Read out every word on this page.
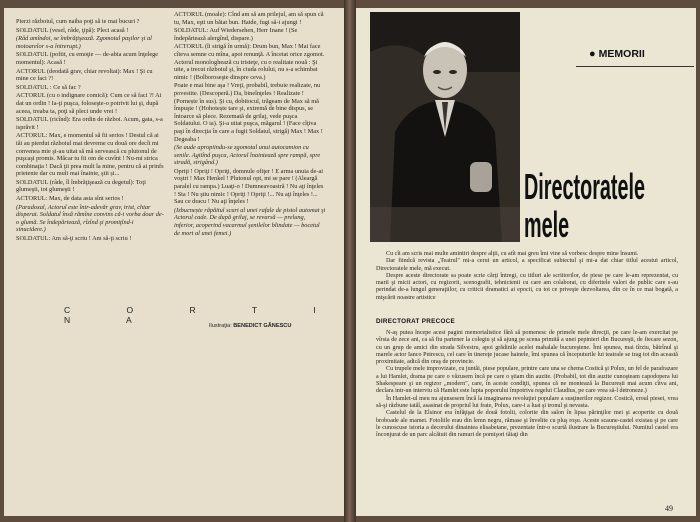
Pierzi războiul, cum naiba poţi să te mai bucuri ?

SOLDATUL (vesel, râde, ţipă): Pleci acasă !

(Râd amîndoi, se îmbrăţişează. Zgomotul paşilor şi al motoarelor s-a întrerupt.)

SOLDATUL (poftit, cu emoţie — de-abia acum înţelege momentul): Acasă !

ACTORUL (deodată grav, chiar revoltat): Max ! Şi cu mine ce faci ?!

SOLDATUL : Ce să fac ?

ACTORUL (cu o indignare comică): Cum ce să faci ?! Ai dat un ordin ! Ia-ţi puşca, foloseşte-o potrivit lui şi, după aceea, treaba ta, poţi să pleci unde vrei !

SOLDATUL (ricînd): Era ordin de război. Acum, gata, s-a isprăvit !

ACTORUL: Max, e momentul să fii serios ! Destul că ai tăi au pierdut războiul mai devreme cu două ore decît mi convenea mie şi-au uitat să mă servească cu plutonul de puşcaşi promis. Măcar tu fii om de cuvînt ! Nu-mi strica combinaţia ! Dacă ţii prea mult la mine, pentru că ai prinfs prietenie dar cu mult mai înainte, ştii și...

SOLDATUL (râde, îl îmbrăţişează cu degetul): Toţi glumeşti, tot glumeşti !

ACTORUL: Max, de data asta sînt serios !

(Paradoxal, Actorul este într-adevăr grav, trist, chiar disperat. Soldatul însă rămîne convins că-i vorba doar de-o glumă. Se îndepărtează, rîzînd şi promiţînd-i sinucidere.)

SOLDATUL: Am să-ţi scriu ! Am să-ţi scriu !

ACTORUL (moale): Cînd am să am prilejul, am să spun că tu, Max, eşti un băiat bun. Haide, fugi să-i ajungi !

SOLDATUL: Auf Wiedersehen, Herr Inane ! (Se îndepărtează alergînd, dispare.)

ACTORUL (îi strigă în urmă): Drum bun, Max ! Mai face cîteva semne cu mîna, apoi renunţă. A încetat orice zgomot. Actorul monologhează cu tristeţe, cu o realitate nouă : Şi uite, a trecut războiul şi, în ciuda rolului, nu s-a schimbat nimic ! (Bolboroseşte dinspre ceva.)

Poate e mai bine aşa ! Vreţi, probabil, trebuie realizate, nu povestite. (Descoperă.) Da, bineînţeles ! Realizate ! (Pornește în sus). Şi cu, dobitocul, trăgeam de Max să mă împuşte ! (Hohotește tare şi, extremă de bine dispus, se întoarce să plece. Rezemată de grilaj, vede puşca Soldatului. O ia). Şi-a uitat puşca, măgarul ! (Face cîţiva paşi în direcţia în care a fugit Soldatul, strigă) Max ! Max ! Degeaba !

(Se aude apropiindu-se zgomotul unui autocamion cu senile. Agitînd puşca, Actorul înaintează spre rampă, spre stradă, strigând.)

Opriţi ! Opriţi ! Opriţi, domnule ofiţer ! E arma unuia de-ai voştri ! Max Henkel ! Plutonul opt, mi se pare ! (Aleargă paralel cu rampa.) Luaţi-o ! Dumneavoastră ! Nu aţi înţeles ! Sta ! Nu ştiu nimic ! Opriţi ! Opriţi !... Nu aţi înţeles !... Sau ce dracu ! Nu aţi înţeles !

(Izbucnește răpăitul scurt al unei rafale de pistol automat şi Actorul cade. De după grilaj, se revarsă — prelung, inferior, acoperind vacarmul şenilelor blindate — bocetul de mort al unei femei.)

C O R T I N A
Ilustraţia: BENEDICT GĂNESCU
● MEMORII
Directoratele mele

Cu cît am scris mai multe amintiri despre alţii, cu atît mai greu îmi vine să vorbesc despre mine însumi.

Dar fiindcă revista „Teatrul" mi-a cerut un articol, a specificat subiectul şi mi-a dat chiar titlul acestui articol, Directoratele mele, mă execut.

Despre aceste directorate sa poate scrie cărţi întregi, cu titluri ale scriitorilor, de piese pe care le-am reprezentat, cu marii şi micii actori, cu regizorii, scenografii, tehnicienii cu care am colaborat, cu diferitele valori de public care s-au perindat de-a lungul generaţiilor, cu criticii dramatici ai epocii, cu tot ce priveşte dezvoltarea, din ce în ce mai bogată, a mişcării noastre artistice

DIRECTORAT PRECOCE

N-aş putea începe acest pagini memorialistice fără să pomenesc de primele mele direcţii, pe care le-am exercitat pe vîrsta de zece ani, ca să fiu partener la colegiu şi să ajung pe scena primită a unei pepinieri din Bucureşti, de fiecare sezon, cu un grup de amici din strada Silvestru, apoi grădinile acelei mahalale bucureştene. Îmi spunea, mai tîrziu, bătrînul şi marele actor Ianco Petrescu, cel care în tinereţe jucase hainele, îmi spunea că începuturile lui teatrale se trag tot din această proximitate, adică din oraş de provincie.

Cu trupele mele improvizate, cu juntăi, piese populare, printre care una se chema Costică şi Polux, un fel de parafrazare a lui Hamlet, drama pe care o văzusem încă pe care o ştiam din auzite. (Probabil, tot din auzite cunoşteam capodopera lui Shakespeare şi un regizor „modern", care, în aceste condiţii, spunea că ne montează la București mai acum cîtva ani, declara intr-un interviu că Hamlet este lupta poporului împotriva regelui Claudius, pe care vrea să-l detroneze.)

În Hamlet-ul meu nu ajunsesem încă la imaginarea revoluţiei populare a susţinerilor regizor. Costică, eroul piesei, vrea să-şi răzbune tatăl, asasinat de propriul lui frate, Polux, care-i a luat şi tronul şi nevasta.

Castelul de la Elsinor era înfăţişat de două fotolii, colorite din salon în lipsa părinţilor mei şi acoperite cu două broboade ale mamei. Fotoliile erau din lemn negru, rămase şi învelite cu pluş roşu. Aceste scaune-castel existau şi pe care le cunoscuse istoria a decorului dinaintea elisabetane, prezentate într-o scurtă ilustrare la Bucureştiului. Numitul castel era înconjurat de un parc alcătuit din ramuri de pomişori tăiaţi din

49
